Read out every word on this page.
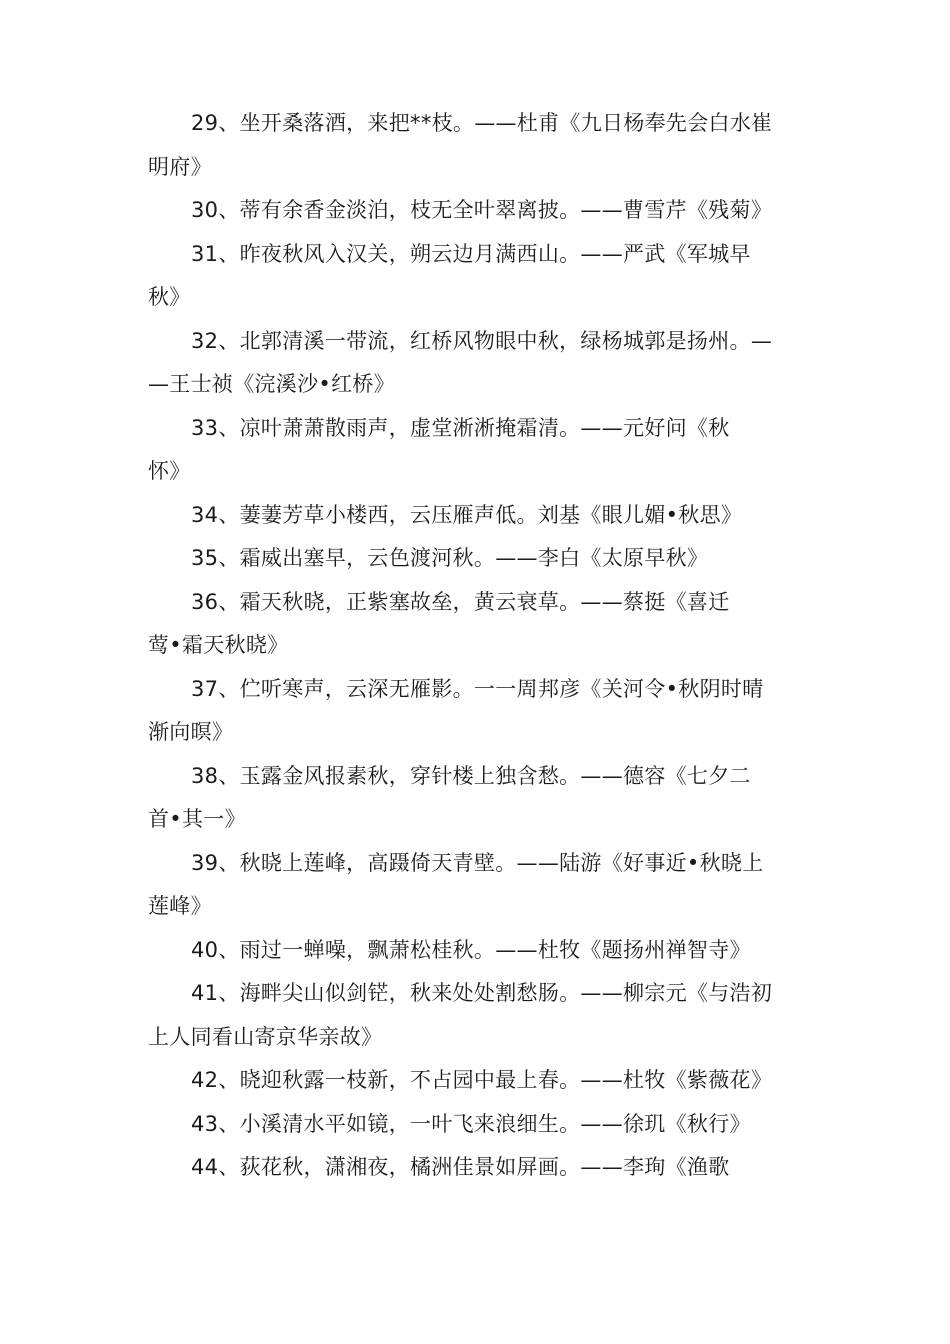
29、坐开桑落酒，来把**枝。——杜甫《九日杨奉先会白水崔
明府》
30、蒂有余香金淡泊，枝无全叶翠离披。——曹雪芹《残菊》
31、昨夜秋风入汉关，朔云边月满西山。——严武《军城早
秋》
32、北郭清溪一带流，红桥风物眼中秋，绿杨城郭是扬州。—
—王士祯《浣溪沙•红桥》
33、凉叶萧萧散雨声，虚堂淅淅掩霜清。——元好问《秋
怀》
34、萋萋芳草小楼西，云压雁声低。刘基《眼儿媚•秋思》
35、霜威出塞早，云色渡河秋。——李白《太原早秋》
36、霜天秋晓，正紫塞故垒，黄云衰草。——蔡挺《喜迁
莺•霜天秋晓》
37、伫听寒声，云深无雁影。一一周邦彦《关河令•秋阴时晴
渐向暝》
38、玉露金风报素秋，穿针楼上独含愁。——德容《七夕二
首•其一》
39、秋晓上莲峰，高蹑倚天青壁。——陆游《好事近•秋晓上
莲峰》
40、雨过一蝉噪，飘萧松桂秋。——杜牧《题扬州禅智寺》
41、海畔尖山似剑铓，秋来处处割愁肠。——柳宗元《与浩初
上人同看山寄京华亲故》
42、晓迎秋露一枝新，不占园中最上春。——杜牧《紫薇花》
43、小溪清水平如镜，一叶飞来浪细生。——徐玑《秋行》
44、荻花秋，潇湘夜，橘洲佳景如屏画。——李珣《渔歌
